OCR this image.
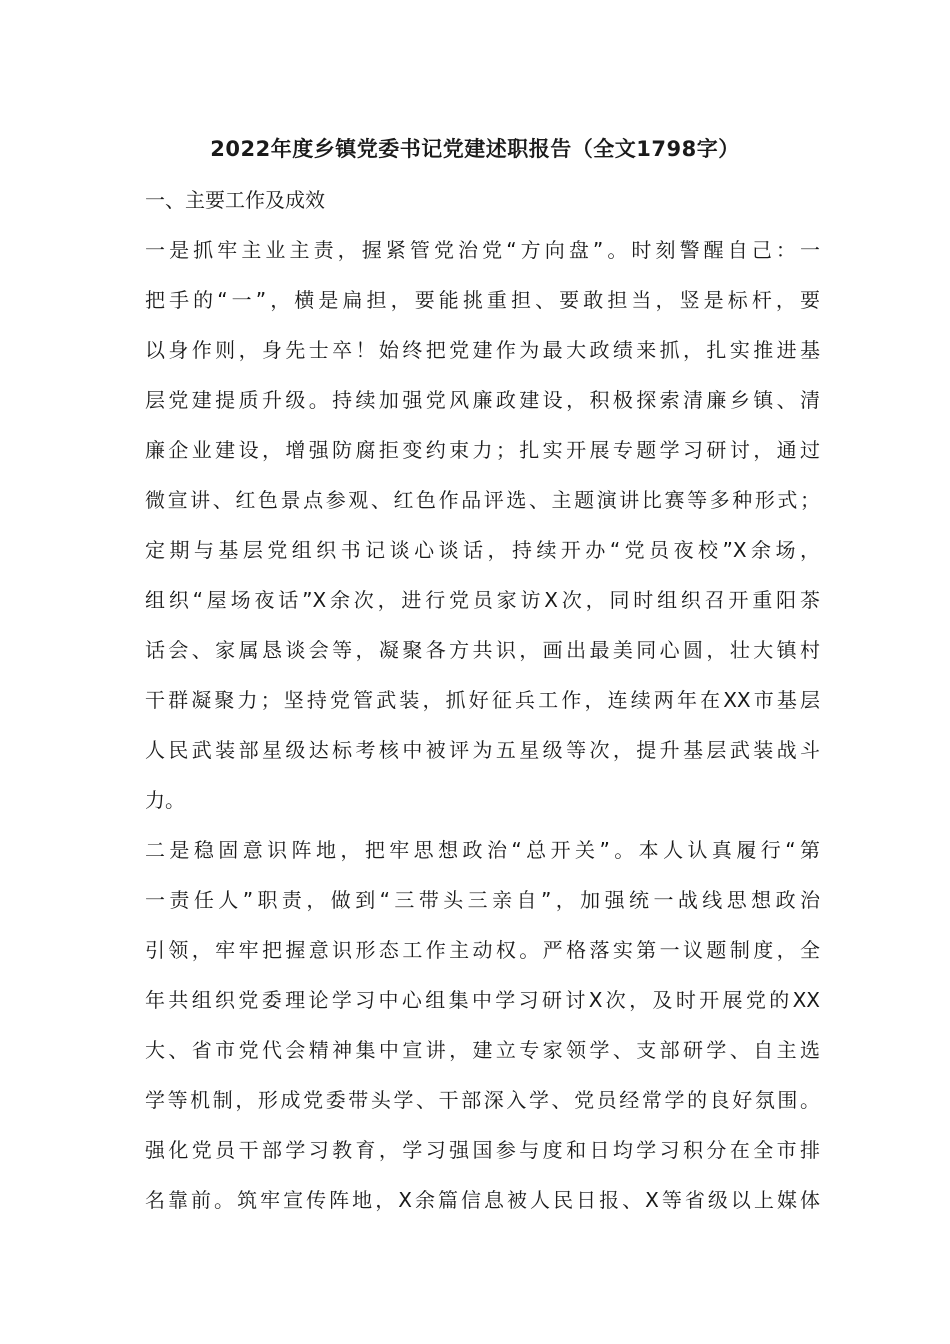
2022年度乡镇党委书记党建述职报告（全文1798字）
一、主要工作及成效
一是抓牢主业主责，握紧管党治党“方向盘”。时刻警醒自己：一
把手的“一”，横是扁担，要能挑重担、要敢担当，竖是标杆，要
以身作则，身先士卒！始终把党建作为最大政绩来抓，扎实推进基
层党建提质升级。持续加强党风廉政建设，积极探索清廉乡镇、清
廉企业建设，增强防腐拒变约束力；扎实开展专题学习研讨，通过
微宣讲、红色景点参观、红色作品评选、主题演讲比赛等多种形式；
定期与基层党组织书记谈心谈话，持续开办“党员夜校”X余场，
组织“屋场夜话”X余次，进行党员家访X次，同时组织召开重阳茶
话会、家属恳谈会等，凝聚各方共识，画出最美同心圆，壮大镇村
干群凝聚力；坚持党管武装，抓好征兵工作，连续两年在XX市基层
人民武装部星级达标考核中被评为五星级等次，提升基层武装战斗
力。
二是稳固意识阵地，把牢思想政治“总开关”。本人认真履行“第
一责任人”职责，做到“三带头三亲自”，加强统一战线思想政治
引领，牢牢把握意识形态工作主动权。严格落实第一议题制度，全
年共组织党委理论学习中心组集中学习研讨X次，及时开展党的XX
大、省市党代会精神集中宣讲，建立专家领学、支部研学、自主选
学等机制，形成党委带头学、干部深入学、党员经常学的良好氛围。
强化党员干部学习教育，学习强国参与度和日均学习积分在全市排
名靠前。筑牢宣传阵地，X余篇信息被人民日报、X等省级以上媒体
